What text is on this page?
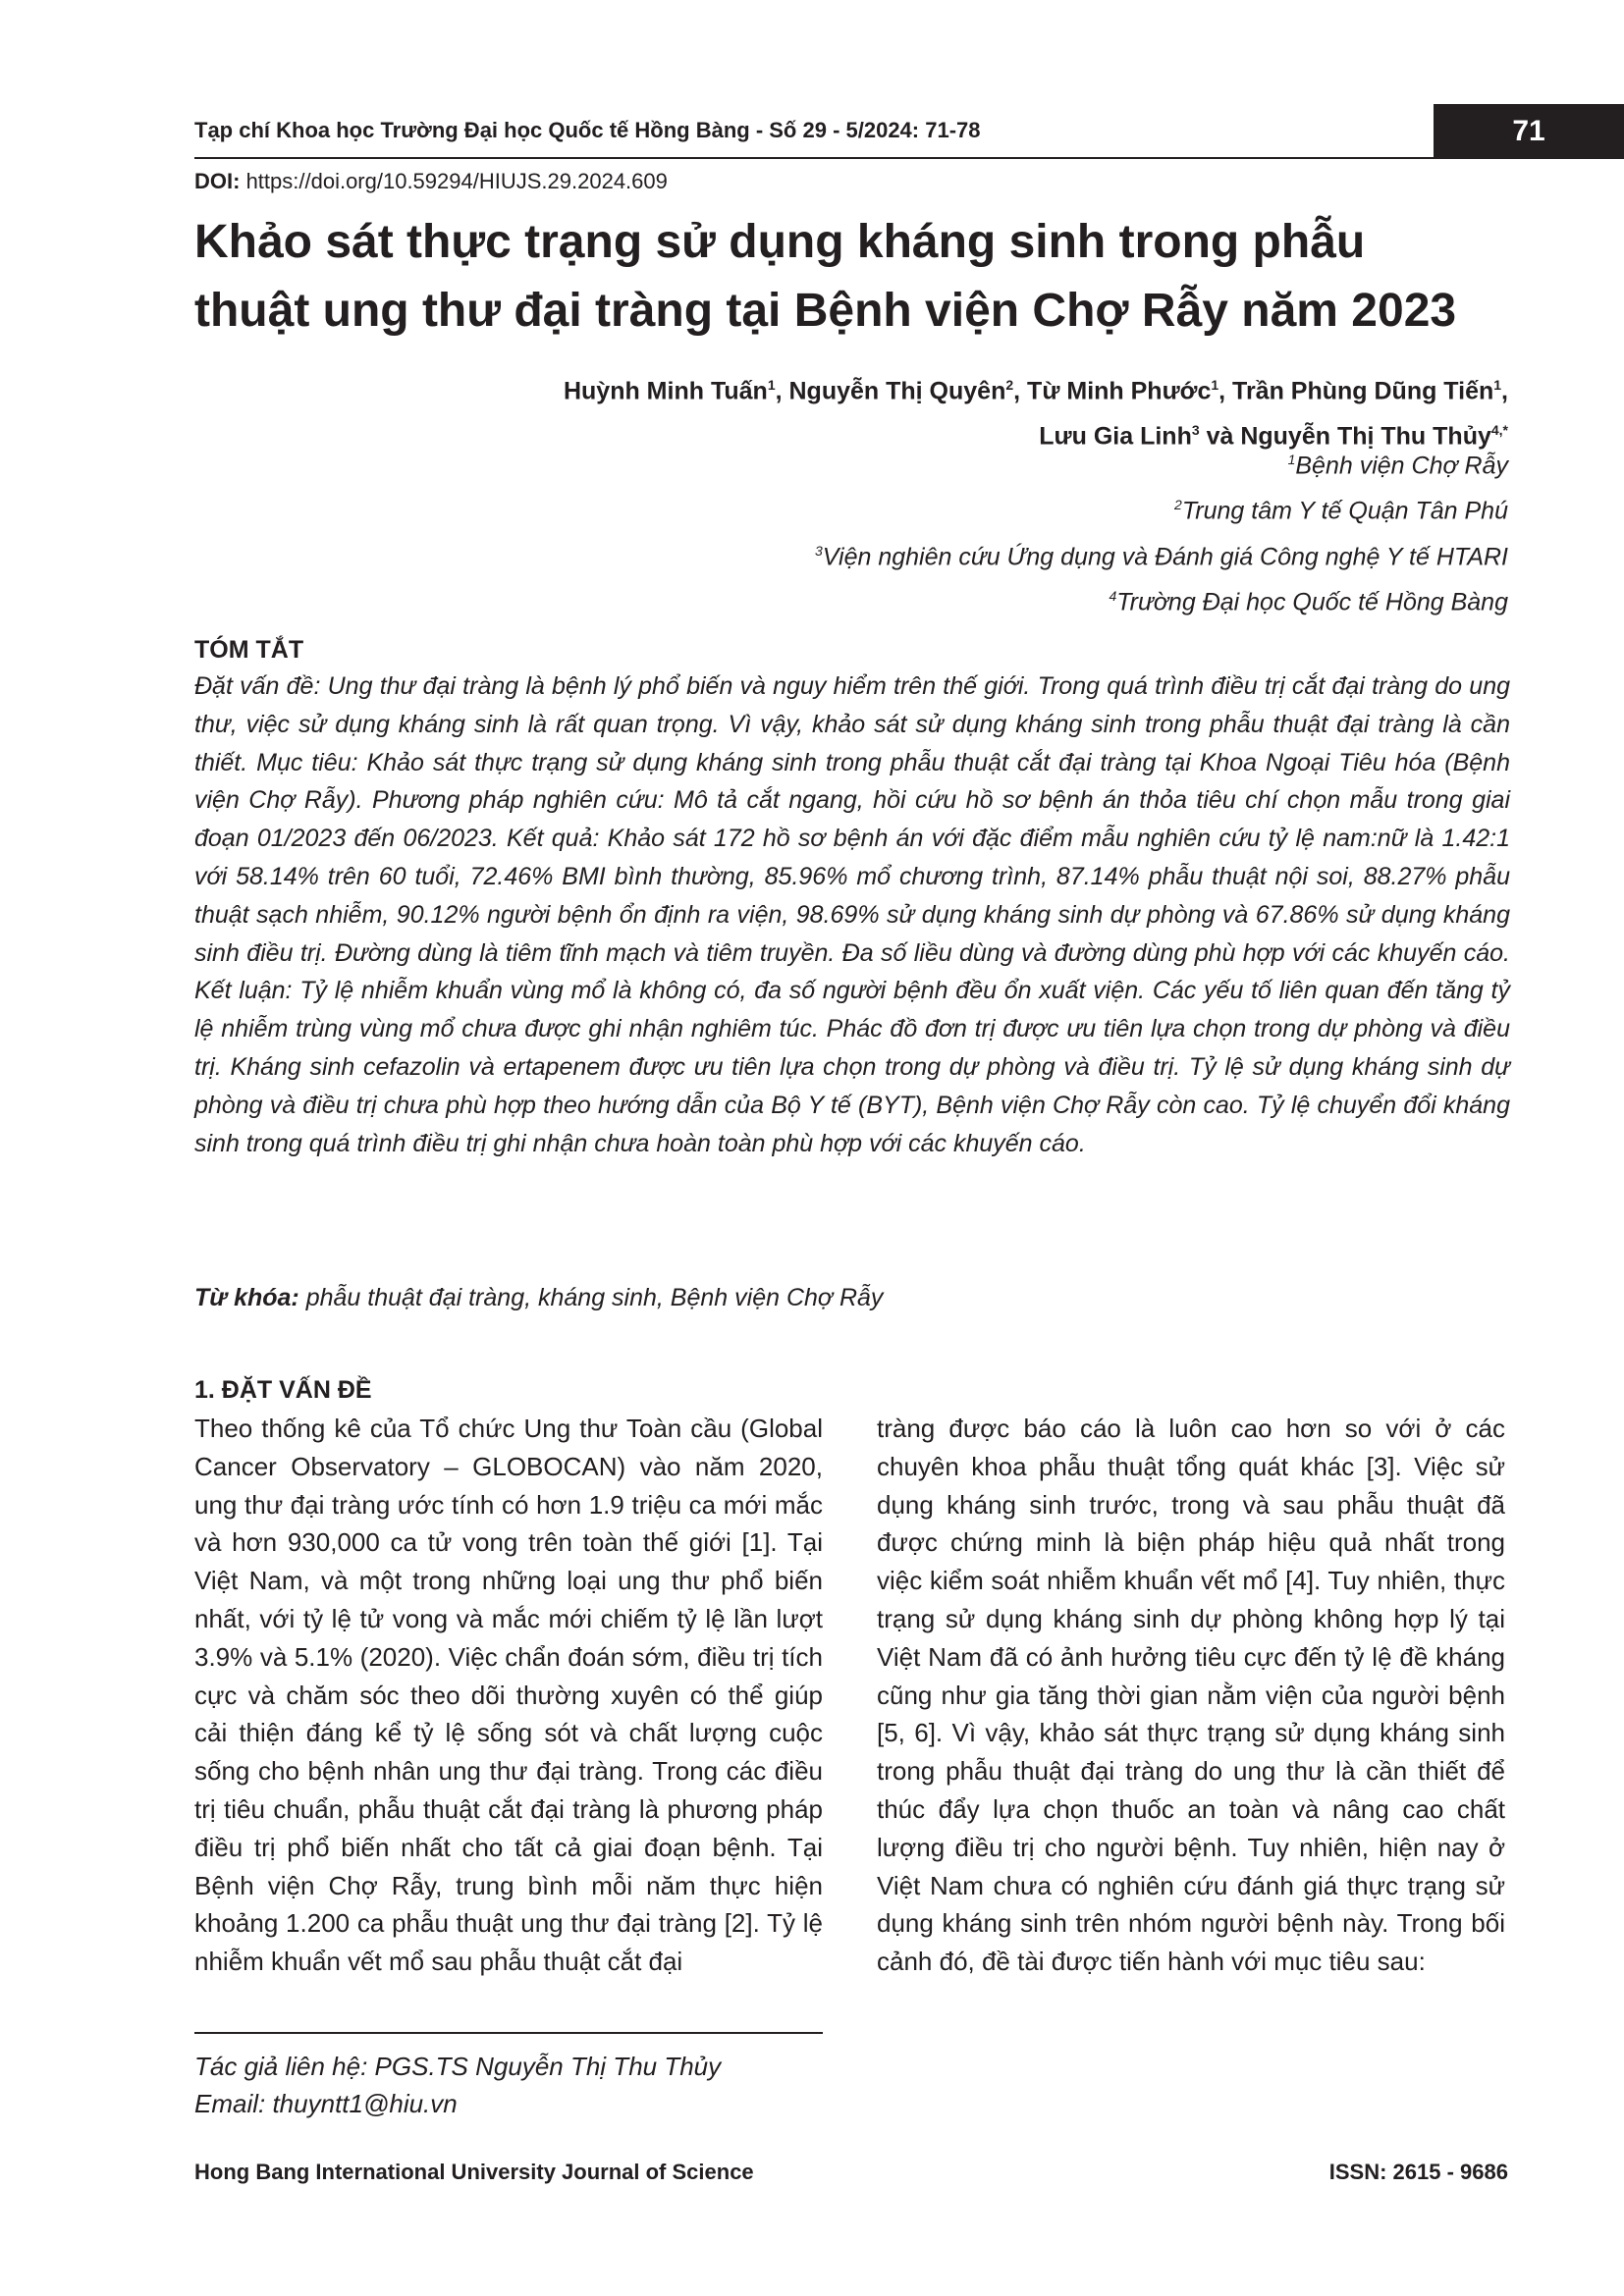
Tạp chí Khoa học Trường Đại học Quốc tế Hồng Bàng - Số 29 - 5/2024: 71-78	71
DOI: https://doi.org/10.59294/HIUJS.29.2024.609
Khảo sát thực trạng sử dụng kháng sinh trong phẫu
thuật ung thư đại tràng tại Bệnh viện Chợ Rẫy năm 2023
Huỳnh Minh Tuấn$^1$, Nguyễn Thị Quyên$^2$, Từ Minh Phước$^1$, Trần Phùng Dũng Tiến$^1$,
Lưu Gia Linh$^3$ và Nguyễn Thị Thu Thủy$^{4,*}$
$^1$Bệnh viện Chợ Rẫy
$^2$Trung tâm Y tế Quận Tân Phú
$^3$Viện nghiên cứu Ứng dụng và Đánh giá Công nghệ Y tế HTARI
$^4$Trường Đại học Quốc tế Hồng Bàng
TÓM TẮT
Đặt vấn đề: Ung thư đại tràng là bệnh lý phổ biến và nguy hiểm trên thế giới. Trong quá trình điều trị cắt đại tràng do ung thư, việc sử dụng kháng sinh là rất quan trọng. Vì vậy, khảo sát sử dụng kháng sinh trong phẫu thuật đại tràng là cần thiết. Mục tiêu: Khảo sát thực trạng sử dụng kháng sinh trong phẫu thuật cắt đại tràng tại Khoa Ngoại Tiêu hóa (Bệnh viện Chợ Rẫy). Phương pháp nghiên cứu: Mô tả cắt ngang, hồi cứu hồ sơ bệnh án thỏa tiêu chí chọn mẫu trong giai đoạn 01/2023 đến 06/2023. Kết quả: Khảo sát 172 hồ sơ bệnh án với đặc điểm mẫu nghiên cứu tỷ lệ nam:nữ là 1.42:1 với 58.14% trên 60 tuổi, 72.46% BMI bình thường, 85.96% mổ chương trình, 87.14% phẫu thuật nội soi, 88.27% phẫu thuật sạch nhiễm, 90.12% người bệnh ổn định ra viện, 98.69% sử dụng kháng sinh dự phòng và 67.86% sử dụng kháng sinh điều trị. Đường dùng là tiêm tĩnh mạch và tiêm truyền. Đa số liều dùng và đường dùng phù hợp với các khuyến cáo. Kết luận: Tỷ lệ nhiễm khuẩn vùng mổ là không có, đa số người bệnh đều ổn xuất viện. Các yếu tố liên quan đến tăng tỷ lệ nhiễm trùng vùng mổ chưa được ghi nhận nghiêm túc. Phác đồ đơn trị được ưu tiên lựa chọn trong dự phòng và điều trị. Kháng sinh cefazolin và ertapenem được ưu tiên lựa chọn trong dự phòng và điều trị. Tỷ lệ sử dụng kháng sinh dự phòng và điều trị chưa phù hợp theo hướng dẫn của Bộ Y tế (BYT), Bệnh viện Chợ Rẫy còn cao. Tỷ lệ chuyển đổi kháng sinh trong quá trình điều trị ghi nhận chưa hoàn toàn phù hợp với các khuyến cáo.
Từ khóa: phẫu thuật đại tràng, kháng sinh, Bệnh viện Chợ Rẫy
1. ĐẶT VẤN ĐỀ
Theo thống kê của Tổ chức Ung thư Toàn cầu (Global Cancer Observatory – GLOBOCAN) vào năm 2020, ung thư đại tràng ước tính có hơn 1.9 triệu ca mới mắc và hơn 930,000 ca tử vong trên toàn thế giới [1]. Tại Việt Nam, và một trong những loại ung thư phổ biến nhất, với tỷ lệ tử vong và mắc mới chiếm tỷ lệ lần lượt 3.9% và 5.1% (2020). Việc chẩn đoán sớm, điều trị tích cực và chăm sóc theo dõi thường xuyên có thể giúp cải thiện đáng kể tỷ lệ sống sót và chất lượng cuộc sống cho bệnh nhân ung thư đại tràng. Trong các điều trị tiêu chuẩn, phẫu thuật cắt đại tràng là phương pháp điều trị phổ biến nhất cho tất cả giai đoạn bệnh. Tại Bệnh viện Chợ Rẫy, trung bình mỗi năm thực hiện khoảng 1.200 ca phẫu thuật ung thư đại tràng [2]. Tỷ lệ nhiễm khuẩn vết mổ sau phẫu thuật cắt đại
tràng được báo cáo là luôn cao hơn so với ở các chuyên khoa phẫu thuật tổng quát khác [3]. Việc sử dụng kháng sinh trước, trong và sau phẫu thuật đã được chứng minh là biện pháp hiệu quả nhất trong việc kiểm soát nhiễm khuẩn vết mổ [4]. Tuy nhiên, thực trạng sử dụng kháng sinh dự phòng không hợp lý tại Việt Nam đã có ảnh hưởng tiêu cực đến tỷ lệ đề kháng cũng như gia tăng thời gian nằm viện của người bệnh [5, 6]. Vì vậy, khảo sát thực trạng sử dụng kháng sinh trong phẫu thuật đại tràng do ung thư là cần thiết để thúc đẩy lựa chọn thuốc an toàn và nâng cao chất lượng điều trị cho người bệnh. Tuy nhiên, hiện nay ở Việt Nam chưa có nghiên cứu đánh giá thực trạng sử dụng kháng sinh trên nhóm người bệnh này. Trong bối cảnh đó, đề tài được tiến hành với mục tiêu sau:
Tác giả liên hệ: PGS.TS Nguyễn Thị Thu Thủy
Email: thuyntt1@hiu.vn
Hong Bang International University Journal of Science	ISSN: 2615 - 9686
